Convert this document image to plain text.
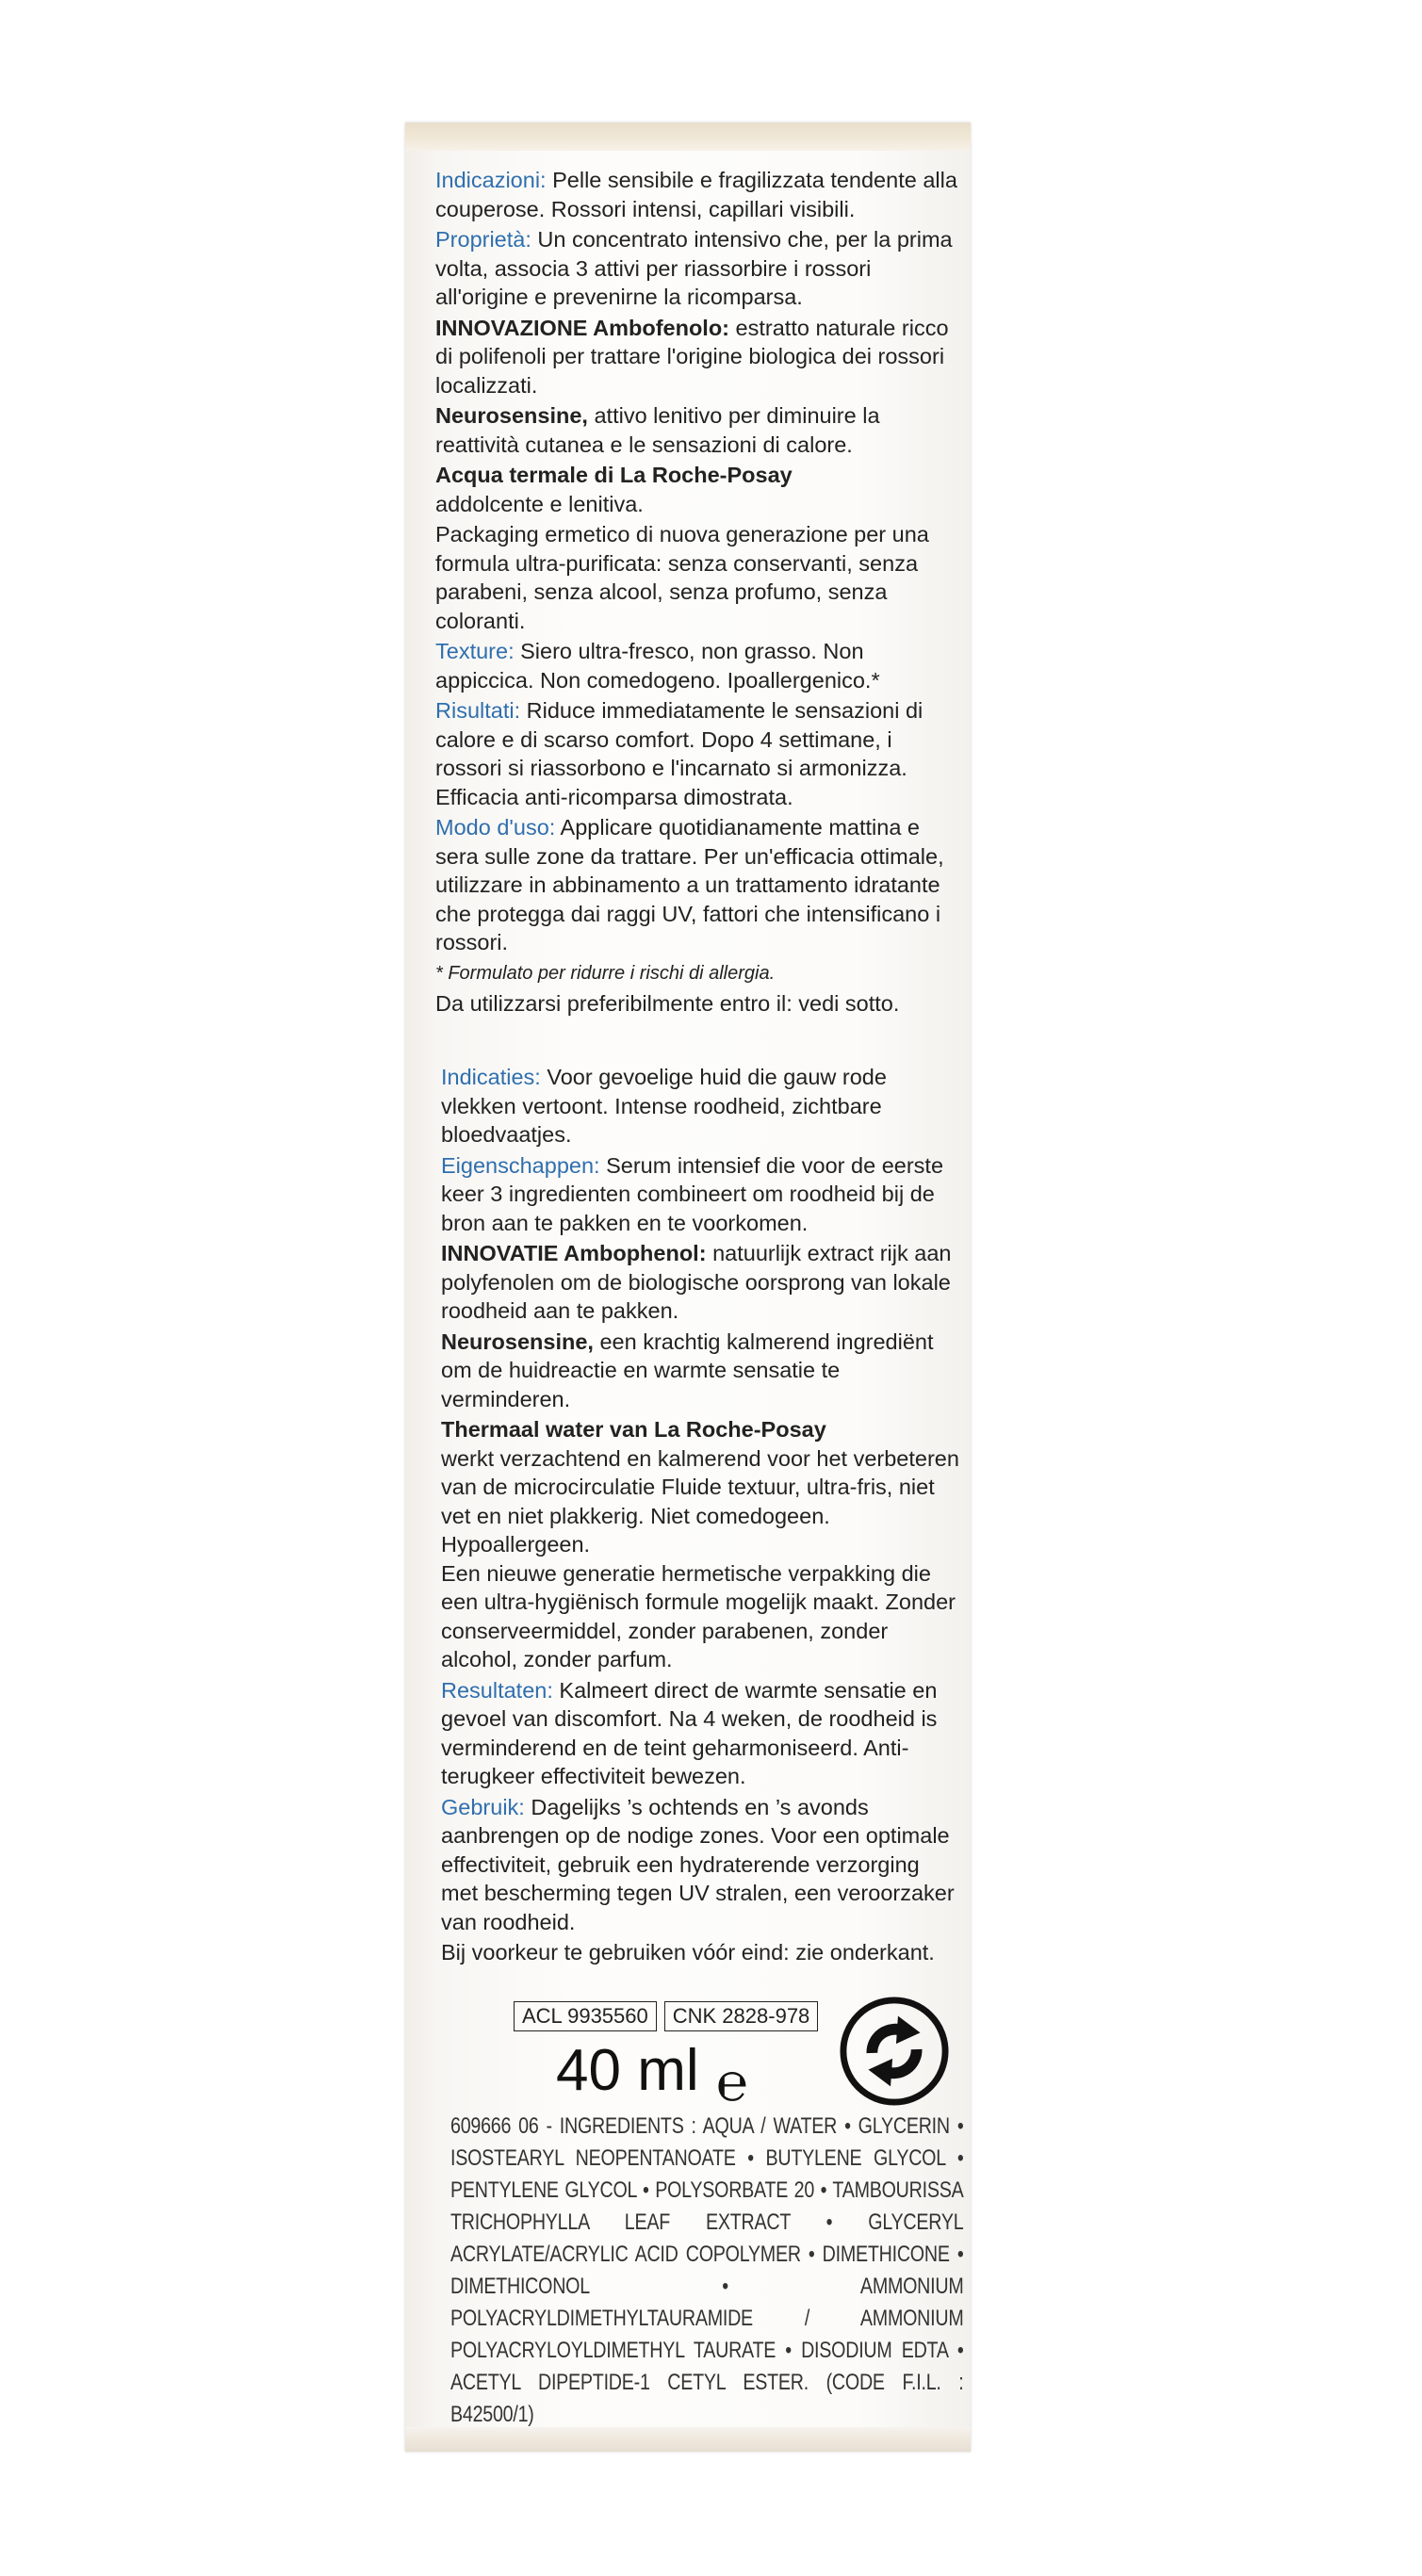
Indicazioni: Pelle sensibile e fragilizzata tendente alla couperose. Rossori intensi, capillari visibili.

Proprietà: Un concentrato intensivo che, per la prima volta, associa 3 attivi per riassorbire i rossori all'origine e prevenirne la ricomparsa.

INNOVAZIONE Ambofenolo: estratto naturale ricco di polifenoli per trattare l'origine biologica dei rossori localizzati.

Neurosensine, attivo lenitivo per diminuire la reattività cutanea e le sensazioni di calore.

Acqua termale di La Roche-Posay

addolcente e lenitiva.

Packaging ermetico di nuova generazione per una formula ultra-purificata: senza conservanti, senza parabeni, senza alcool, senza profumo, senza coloranti.

Texture: Siero ultra-fresco, non grasso. Non appiccica. Non comedogeno. Ipoallergenico.*

Risultati: Riduce immediatamente le sensazioni di calore e di scarso comfort. Dopo 4 settimane, i rossori si riassorbono e l'incarnato si armonizza. Efficacia anti-ricomparsa dimostrata.

Modo d'uso: Applicare quotidianamente mattina e sera sulle zone da trattare. Per un'efficacia ottimale, utilizzare in abbinamento a un trattamento idratante che protegga dai raggi UV, fattori che intensificano i rossori.

* Formulato per ridurre i rischi di allergia.

Da utilizzarsi preferibilmente entro il: vedi sotto.

Indicaties: Voor gevoelige huid die gauw rode vlekken vertoont. Intense roodheid, zichtbare bloedvaatjes.

Eigenschappen: Serum intensief die voor de eerste keer 3 ingredienten combineert om roodheid bij de bron aan te pakken en te voorkomen.

INNOVATIE Ambophenol: natuurlijk extract rijk aan polyfenolen om de biologische oorsprong van lokale roodheid aan te pakken.

Neurosensine, een krachtig kalmerend ingrediënt om de huidreactie en warmte sensatie te verminderen.

Thermaal water van La Roche-Posay

werkt verzachtend en kalmerend voor het verbeteren van de microcirculatie Fluide textuur, ultra-fris, niet vet en niet plakkerig. Niet comedogeen. Hypoallergeen.

Een nieuwe generatie hermetische verpakking die een ultra-hygiënisch formule mogelijk maakt. Zonder conserveermiddel, zonder parabenen, zonder alcohol, zonder parfum.

Resultaten: Kalmeert direct de warmte sensatie en gevoel van discomfort. Na 4 weken, de roodheid is verminderend en de teint geharmoniseerd. Anti-terugkeer effectiviteit bewezen.

Gebruik: Dagelijks ’s ochtends en ’s avonds aanbrengen op de nodige zones. Voor een optimale effectiviteit, gebruik een hydraterende verzorging met bescherming tegen UV stralen, een veroorzaker van roodheid.

Bij voorkeur te gebruiken vóór eind: zie onderkant.

ACL 9935560	CNK 2828-978
40 ml ℮
609666 06 - INGREDIENTS : AQUA / WATER • GLYCERIN • ISOSTEARYL NEOPENTANOATE • BUTYLENE GLYCOL • PENTYLENE GLYCOL • POLYSORBATE 20 • TAMBOURISSA TRICHOPHYLLA LEAF EXTRACT • GLYCERYL ACRYLATE/ACRYLIC ACID COPOLYMER • DIMETHICONE • DIMETHICONOL • AMMONIUM POLYACRYLDIMETHYLTAURAMIDE / AMMONIUM POLYACRYLOYLDIMETHYL TAURATE • DISODIUM EDTA • ACETYL DIPEPTIDE-1 CETYL ESTER. (CODE F.I.L. : B42500/1)
